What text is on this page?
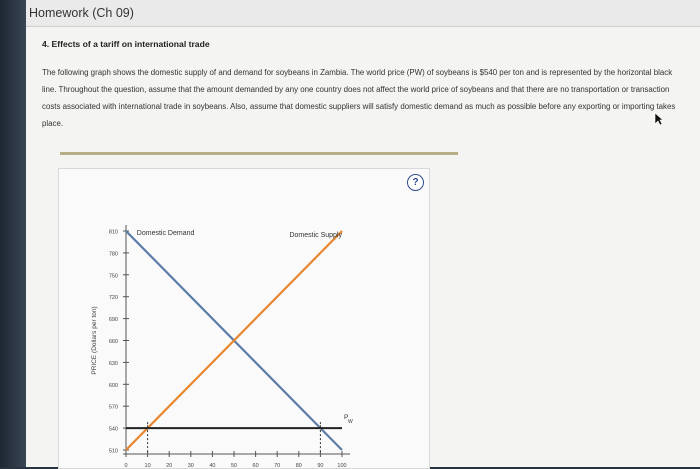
Homework (Ch 09)
4. Effects of a tariff on international trade
The following graph shows the domestic supply of and demand for soybeans in Zambia. The world price (PW) of soybeans is $540 per ton and is represented by the horizontal black line. Throughout the question, assume that the amount demanded by any one country does not affect the world price of soybeans and that there are no transportation or transaction costs associated with international trade in soybeans. Also, assume that domestic suppliers will satisfy domestic demand as much as possible before any exporting or importing takes place.
510
540
570
600
630
660
690
720
750
780
810
0	10	20	30	40	50	60	70	80	90	100
PRICE (Dollars per ton)
+	+
Domestic Demand	Domestic Supply
P
W
?
